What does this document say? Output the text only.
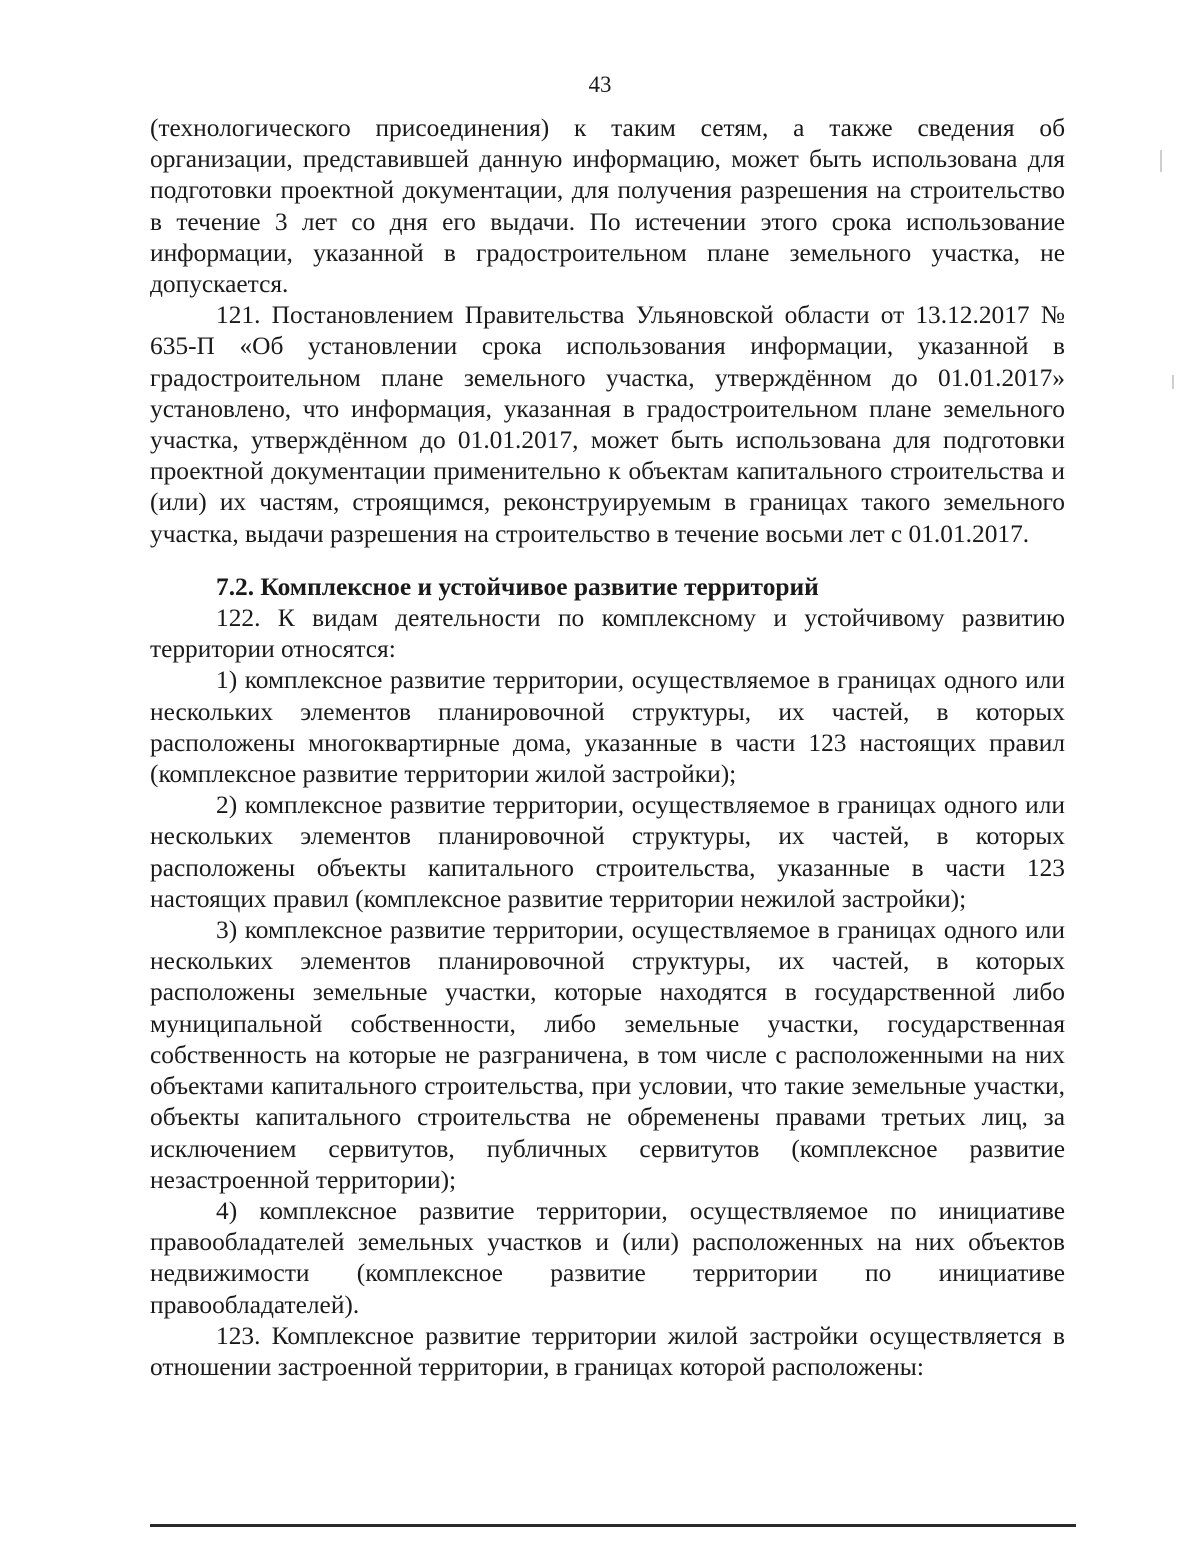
43

(технологического присоединения) к таким сетям, а также сведения об организации, представившей данную информацию, может быть использована для подготовки проектной документации, для получения разрешения на строительство в течение 3 лет со дня его выдачи. По истечении этого срока использование информации, указанной в градостроительном плане земельного участка, не допускается.

121. Постановлением Правительства Ульяновской области от 13.12.2017 № 635-П «Об установлении срока использования информации, указанной в градостроительном плане земельного участка, утверждённом до 01.01.2017» установлено, что информация, указанная в градостроительном плане земельного участка, утверждённом до 01.01.2017, может быть использована для подготовки проектной документации применительно к объектам капитального строительства и (или) их частям, строящимся, реконструируемым в границах такого земельного участка, выдачи разрешения на строительство в течение восьми лет с 01.01.2017.

7.2. Комплексное и устойчивое развитие территорий

122. К видам деятельности по комплексному и устойчивому развитию территории относятся:

1) комплексное развитие территории, осуществляемое в границах одного или нескольких элементов планировочной структуры, их частей, в которых расположены многоквартирные дома, указанные в части 123 настоящих правил (комплексное развитие территории жилой застройки);

2) комплексное развитие территории, осуществляемое в границах одного или нескольких элементов планировочной структуры, их частей, в которых расположены объекты капитального строительства, указанные в части 123 настоящих правил (комплексное развитие территории нежилой застройки);

3) комплексное развитие территории, осуществляемое в границах одного или нескольких элементов планировочной структуры, их частей, в которых расположены земельные участки, которые находятся в государственной либо муниципальной собственности, либо земельные участки, государственная собственность на которые не разграничена, в том числе с расположенными на них объектами капитального строительства, при условии, что такие земельные участки, объекты капитального строительства не обременены правами третьих лиц, за исключением сервитутов, публичных сервитутов (комплексное развитие незастроенной территории);

4) комплексное развитие территории, осуществляемое по инициативе правообладателей земельных участков и (или) расположенных на них объектов недвижимости (комплексное развитие территории по инициативе правообладателей).

123. Комплексное развитие территории жилой застройки осуществляется в отношении застроенной территории, в границах которой расположены:
